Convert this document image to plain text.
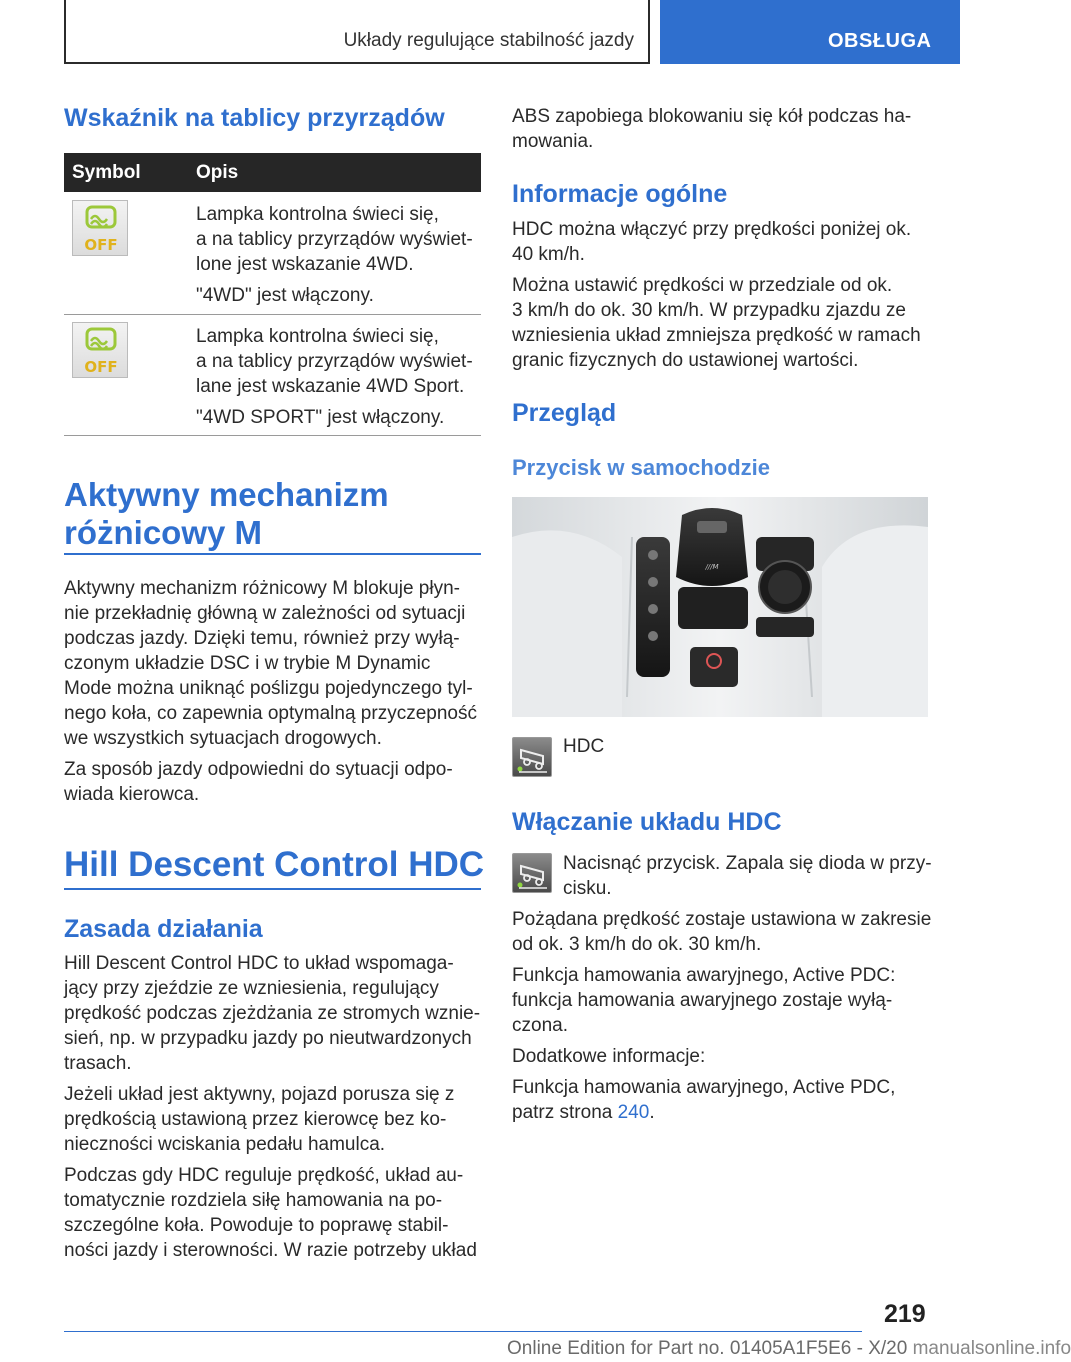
Układy regulujące stabilność jazdy	OBSŁUGA
Wskaźnik na tablicy przyrządów
Symbol	Opis
OFF

Lampka kontrolna świeci się,

a na tablicy przyrządów wyświet-

lone jest wskazanie 4WD.

"4WD" jest włączony.

OFF

Lampka kontrolna świeci się,

a na tablicy przyrządów wyświet-

lane jest wskazanie 4WD Sport.

"4WD SPORT" jest włączony.

Aktywny mechanizm
różnicowy M

Aktywny mechanizm różnicowy M blokuje płyn-

nie przekładnię główną w zależności od sytuacji

podczas jazdy. Dzięki temu, również przy wyłą-

czonym układzie DSC i w trybie M Dynamic

Mode można uniknąć poślizgu pojedynczego tyl-

nego koła, co zapewnia optymalną przyczepność

we wszystkich sytuacjach drogowych.

Za sposób jazdy odpowiedni do sytuacji odpo-

wiada kierowca.

Hill Descent Control HDC
Zasada działania

Hill Descent Control HDC to układ wspomaga-

jący przy zjeździe ze wzniesienia, regulujący

prędkość podczas zjeżdżania ze stromych wznie-

sień, np. w przypadku jazdy po nieutwardzonych

trasach.

Jeżeli układ jest aktywny, pojazd porusza się z

prędkością ustawioną przez kierowcę bez ko-

nieczności wciskania pedału hamulca.

Podczas gdy HDC reguluje prędkość, układ au-

tomatycznie rozdziela siłę hamowania na po-

szczególne koła. Powoduje to poprawę stabil-

ności jazdy i sterowności. W razie potrzeby układ

ABS zapobiega blokowaniu się kół podczas ha-

mowania.

Informacje ogólne

HDC można włączyć przy prędkości poniżej ok.

40 km/h.

Można ustawić prędkości w przedziale od ok.

3 km/h do ok. 30 km/h. W przypadku zjazdu ze

wzniesienia układ zmniejsza prędkość w ramach

granic fizycznych do ustawionej wartości.

Przegląd
Przycisk w samochodzie
///M

HDC

Włączanie układu HDC

Nacisnąć przycisk. Zapala się dioda w przy-

cisku.

Pożądana prędkość zostaje ustawiona w zakresie

od ok. 3 km/h do ok. 30 km/h.

Funkcja hamowania awaryjnego, Active PDC:

funkcja hamowania awaryjnego zostaje wyłą-

czona.

Dodatkowe informacje:

Funkcja hamowania awaryjnego, Active PDC,

patrz strona 240.

219
Online Edition for Part no. 01405A1F5E6 - X/20 manualsonline.info
